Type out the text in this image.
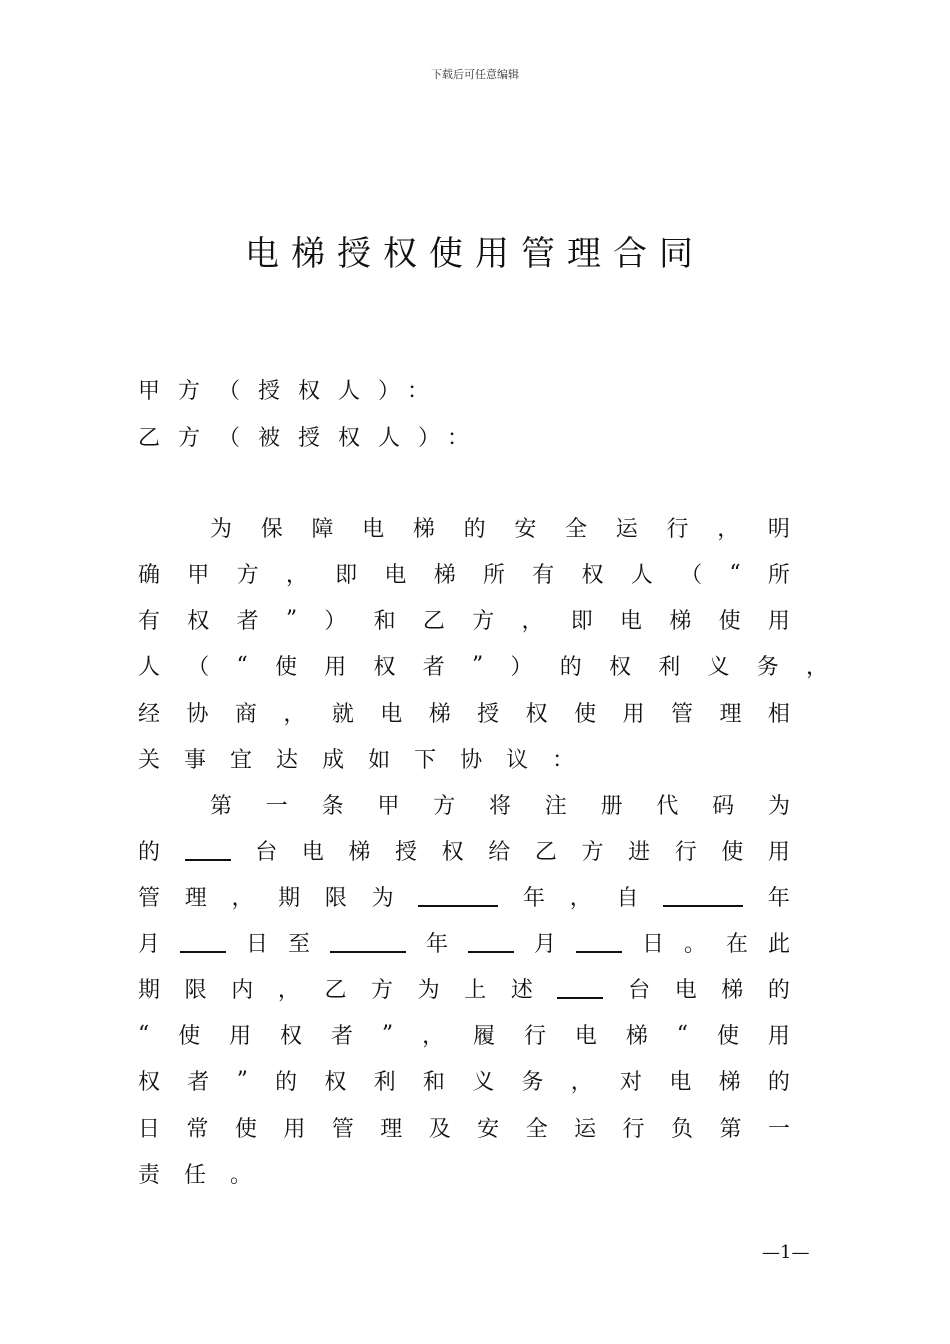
下载后可任意编辑
电梯授权使用管理合同
甲方（授权人）：
乙方（被授权人）：
为 保 障 电 梯 的 安 全 运 行 ， 明
确 甲 方 ， 即 电 梯 所 有 权 人 （ “ 所
有 权 者 ” ） 和 乙 方 ， 即 电 梯 使 用
人 （ “ 使 用 权 者 ” ） 的 权 利 义 务 ，
经 协 商 ， 就 电 梯 授 权 使 用 管 理 相
关 事 宜 达 成 如 下 协 议 ：
第 一 条 甲 方 将 注 册 代 码 为
的	台 电 梯 授 权 给 乙 方 进 行 使 用
管 理 ， 期 限 为	年 ， 自	年
月	日 至	年	月	日 。 在 此
期 限 内 ， 乙 方 为 上 述	台 电 梯 的
“ 使 用 权 者 ” ， 履 行 电 梯 “ 使 用
权 者 ” 的 权 利 和 义 务 ， 对 电 梯 的
日 常 使 用 管 理 及 安 全 运 行 负 第 一
责 任 。
—1—
